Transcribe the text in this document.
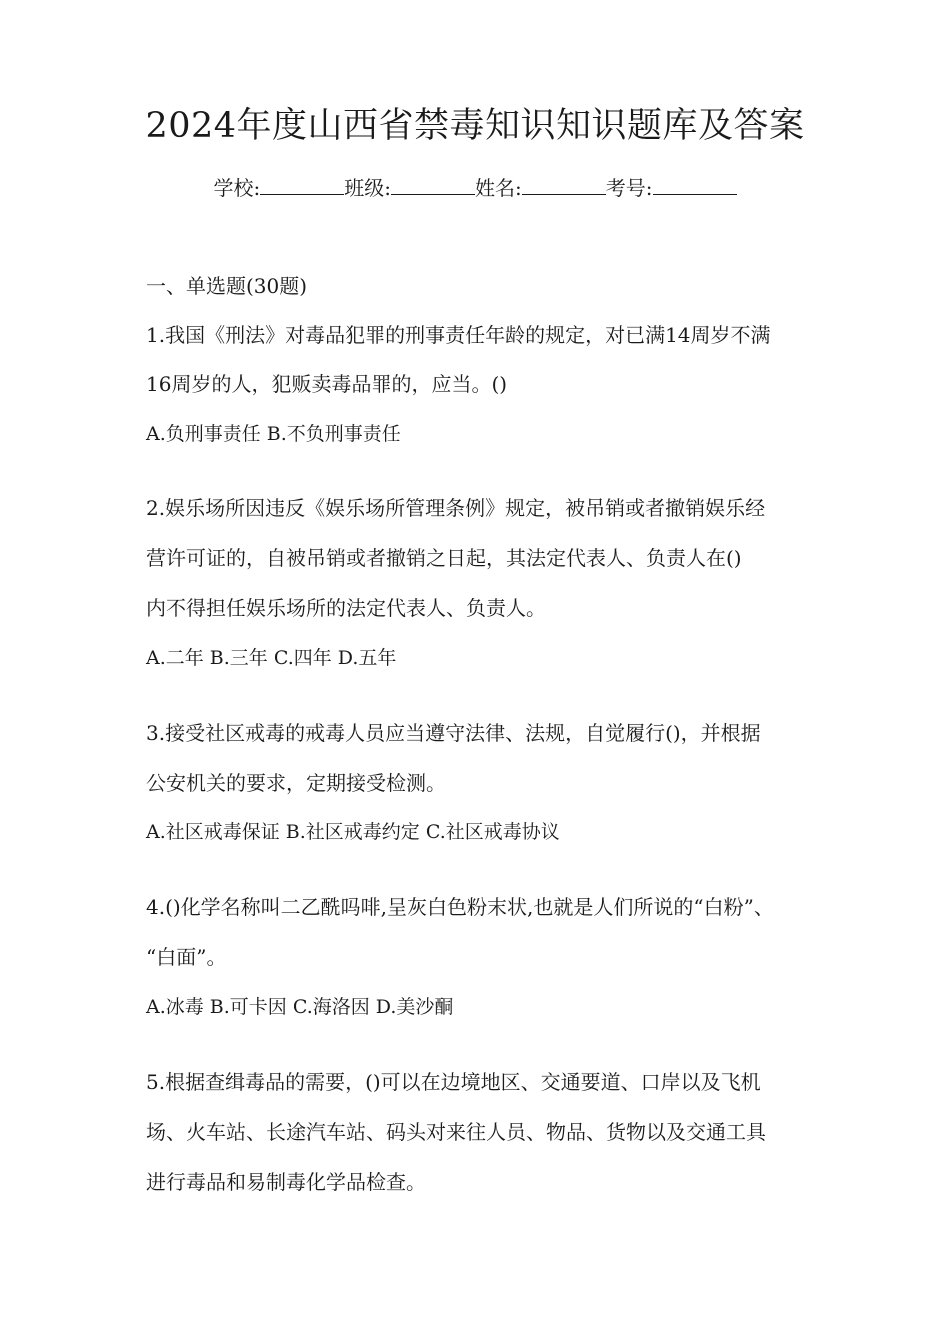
2024年度山西省禁毒知识知识题库及答案
学校:	班级:	姓名:	考号:
一、单选题(30题)
1.我国《刑法》对毒品犯罪的刑事责任年龄的规定，对已满14周岁不满
16周岁的人，犯贩卖毒品罪的，应当。()
A.负刑事责任 B.不负刑事责任
2.娱乐场所因违反《娱乐场所管理条例》规定，被吊销或者撤销娱乐经
营许可证的，自被吊销或者撤销之日起，其法定代表人、负责人在()
内不得担任娱乐场所的法定代表人、负责人。
A.二年 B.三年 C.四年 D.五年
3.接受社区戒毒的戒毒人员应当遵守法律、法规，自觉履行()，并根据
公安机关的要求，定期接受检测。
A.社区戒毒保证 B.社区戒毒约定 C.社区戒毒协议
4.()化学名称叫二乙酰吗啡,呈灰白色粉末状,也就是人们所说的“白粉”、
“白面”。
A.冰毒 B.可卡因 C.海洛因 D.美沙酮
5.根据查缉毒品的需要，()可以在边境地区、交通要道、口岸以及飞机
场、火车站、长途汽车站、码头对来往人员、物品、货物以及交通工具
进行毒品和易制毒化学品检查。
